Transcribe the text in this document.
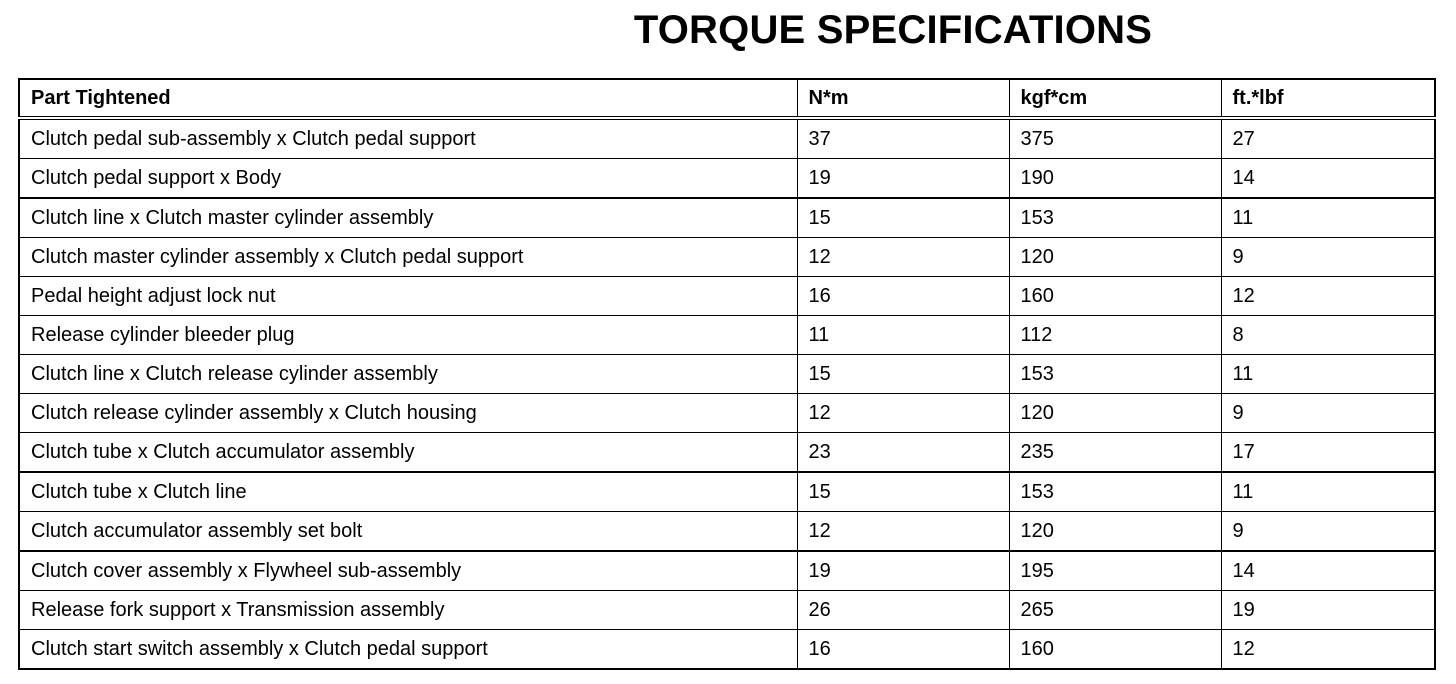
TORQUE SPECIFICATIONS
Part Tightened	N*m	kgf*cm	ft.*lbf
Clutch pedal sub-assembly x Clutch pedal support	37	375	27
Clutch pedal support x Body	19	190	14
Clutch line x Clutch master cylinder assembly	15	153	11
Clutch master cylinder assembly x Clutch pedal support	12	120	9
Pedal height adjust lock nut	16	160	12
Release cylinder bleeder plug	11	112	8
Clutch line x Clutch release cylinder assembly	15	153	11
Clutch release cylinder assembly x Clutch housing	12	120	9
Clutch tube x Clutch accumulator assembly	23	235	17
Clutch tube x Clutch line	15	153	11
Clutch accumulator assembly set bolt	12	120	9
Clutch cover assembly x Flywheel sub-assembly	19	195	14
Release fork support x Transmission assembly	26	265	19
Clutch start switch assembly x Clutch pedal support	16	160	12
